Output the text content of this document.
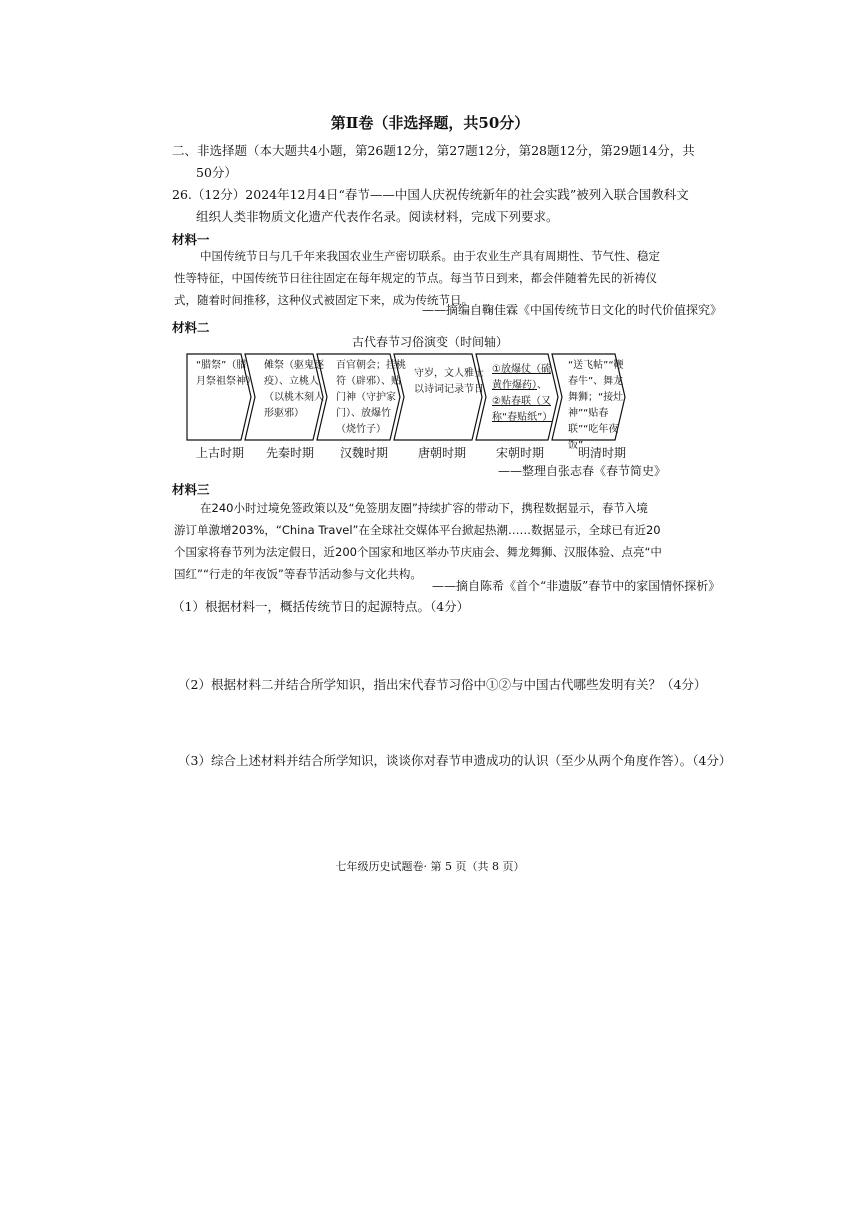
第Ⅱ卷（非选择题，共50分）
二、非选择题（本大题共4小题，第26题12分，第27题12分，第28题12分，第29题14分，共
50分）
26.（12分）2024年12月4日“春节——中国人庆祝传统新年的社会实践”被列入联合国教科文
组织人类非物质文化遗产代表作名录。阅读材料，完成下列要求。
材料一
中国传统节日与几千年来我国农业生产密切联系。由于农业生产具有周期性、节气性、稳定
性等特征，中国传统节日往往固定在每年规定的节点。每当节日到来，都会伴随着先民的祈祷仪
式，随着时间推移，这种仪式被固定下来，成为传统节日。
——摘编自鞠佳霖《中国传统节日文化的时代价值探究》
材料二
古代春节习俗演变（时间轴）
“腊祭”（腊月祭祖祭神）
傩祭（驱鬼逐疫）、立桃人（以桃木刻人形驱邪）
百官朝会；挂桃符（辟邪）、贴门神（守护家门）、放爆竹（烧竹子）
守岁，文人雅士以诗词记录节日
①放爆仗（硫黄作爆药）、 ②贴春联（又称“春贴纸”）
“送飞帖”“鞭春牛”、舞龙舞狮；“接灶神”“贴春联”“吃年夜饭”
上古时期 先秦时期 汉魏时期 唐朝时期 宋朝时期	明清时期
——整理自张志春《春节简史》
材料三
在240小时过境免签政策以及“免签朋友圈”持续扩容的带动下，携程数据显示，春节入境
游订单激增203%，“China Travel”在全球社交媒体平台掀起热潮……数据显示，全球已有近20
个国家将春节列为法定假日，近200个国家和地区举办节庆庙会、舞龙舞狮、汉服体验、点亮“中
国红”“行走的年夜饭”等春节活动参与文化共构。
——摘自陈希《首个“非遗版”春节中的家国情怀探析》
（1）根据材料一，概括传统节日的起源特点。（4分）
（2）根据材料二并结合所学知识，指出宋代春节习俗中①②与中国古代哪些发明有关？（4分）
（3）综合上述材料并结合所学知识，谈谈你对春节申遗成功的认识（至少从两个角度作答）。（4分）
七年级历史试题卷· 第 5 页（共 8 页）
